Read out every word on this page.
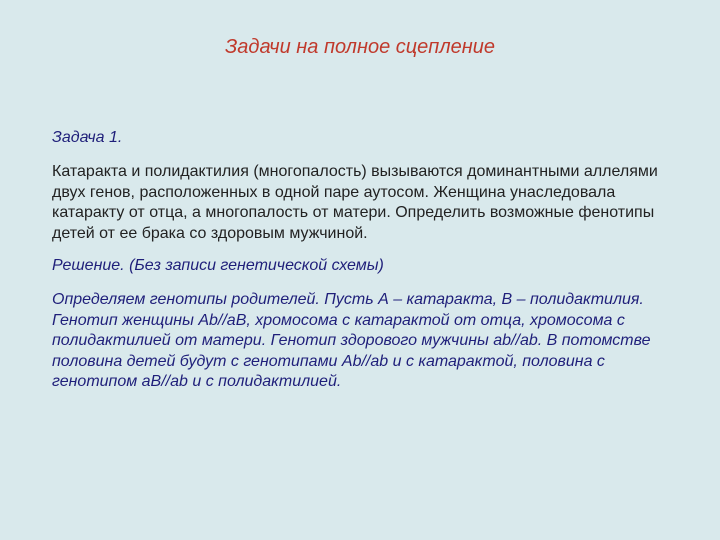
Задачи на полное сцепление

Задача 1.

Катаракта и полидактилия (многопалость) вызываются доминантными аллелями двух генов, расположенных в одной паре аутосом. Женщина унаследовала катаракту от отца, а многопалость от матери. Определить возможные фенотипы детей от ее брака со здоровым мужчиной.

Решение. (Без записи генетической схемы)

Определяем генотипы родителей. Пусть А – катаракта, В – полидактилия. Генотип женщины Аb//аВ, хромосома с катарактой от отца, хромосома с полидактилией от матери. Генотип здорового мужчины аb//аb. В потомстве половина детей будут с генотипами Аb//аb и с катарактой, половина с генотипом аВ//аb и с полидактилией.
